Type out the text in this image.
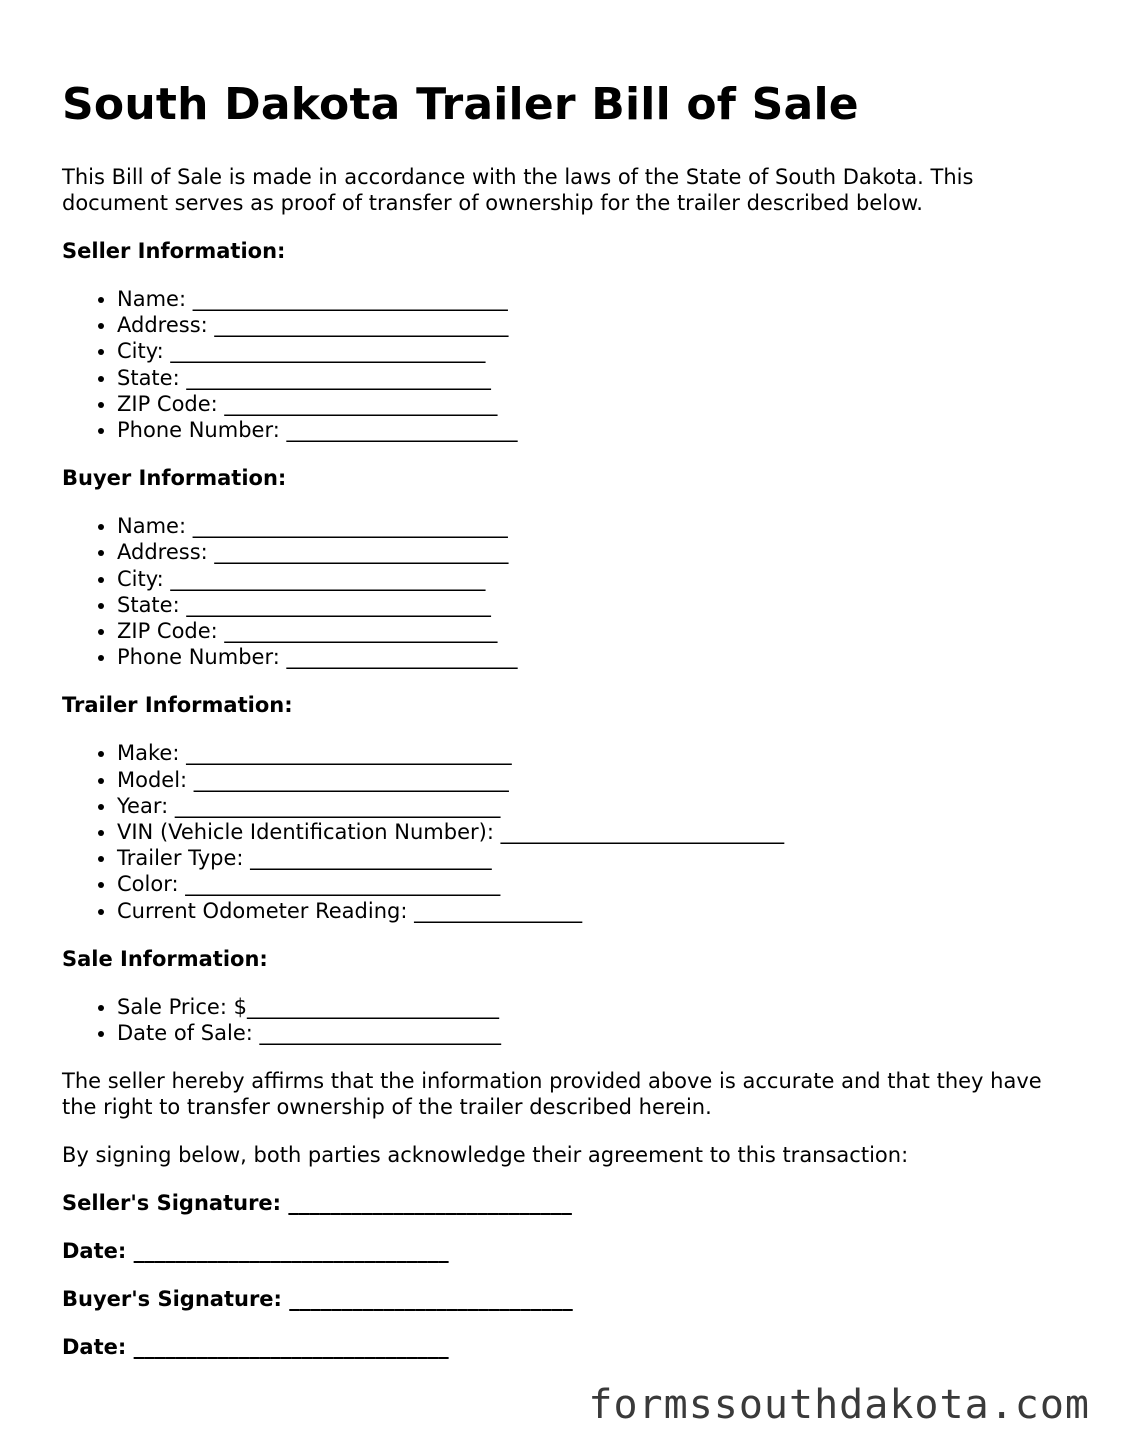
South Dakota Trailer Bill of Sale

This Bill of Sale is made in accordance with the laws of the State of South Dakota. This document serves as proof of transfer of ownership for the trailer described below.

Seller Information:
• Name: ______________________________
• Address: ____________________________
• City: ______________________________
• State: _____________________________
• ZIP Code: __________________________
• Phone Number: ______________________
Buyer Information:
• Name: ______________________________
• Address: ____________________________
• City: ______________________________
• State: _____________________________
• ZIP Code: __________________________
• Phone Number: ______________________
Trailer Information:
• Make: _______________________________
• Model: ______________________________
• Year: _______________________________
• VIN (Vehicle Identification Number): ___________________________
• Trailer Type: _______________________
• Color: ______________________________
• Current Odometer Reading: ________________
Sale Information:
• Sale Price: $________________________
• Date of Sale: _______________________

The seller hereby affirms that the information provided above is accurate and that they have the right to transfer ownership of the trailer described herein.

By signing below, both parties acknowledge their agreement to this transaction:

Seller's Signature: ___________________________
Date: ______________________________
Buyer's Signature: ___________________________
Date: ______________________________
formssouthdakota.com
